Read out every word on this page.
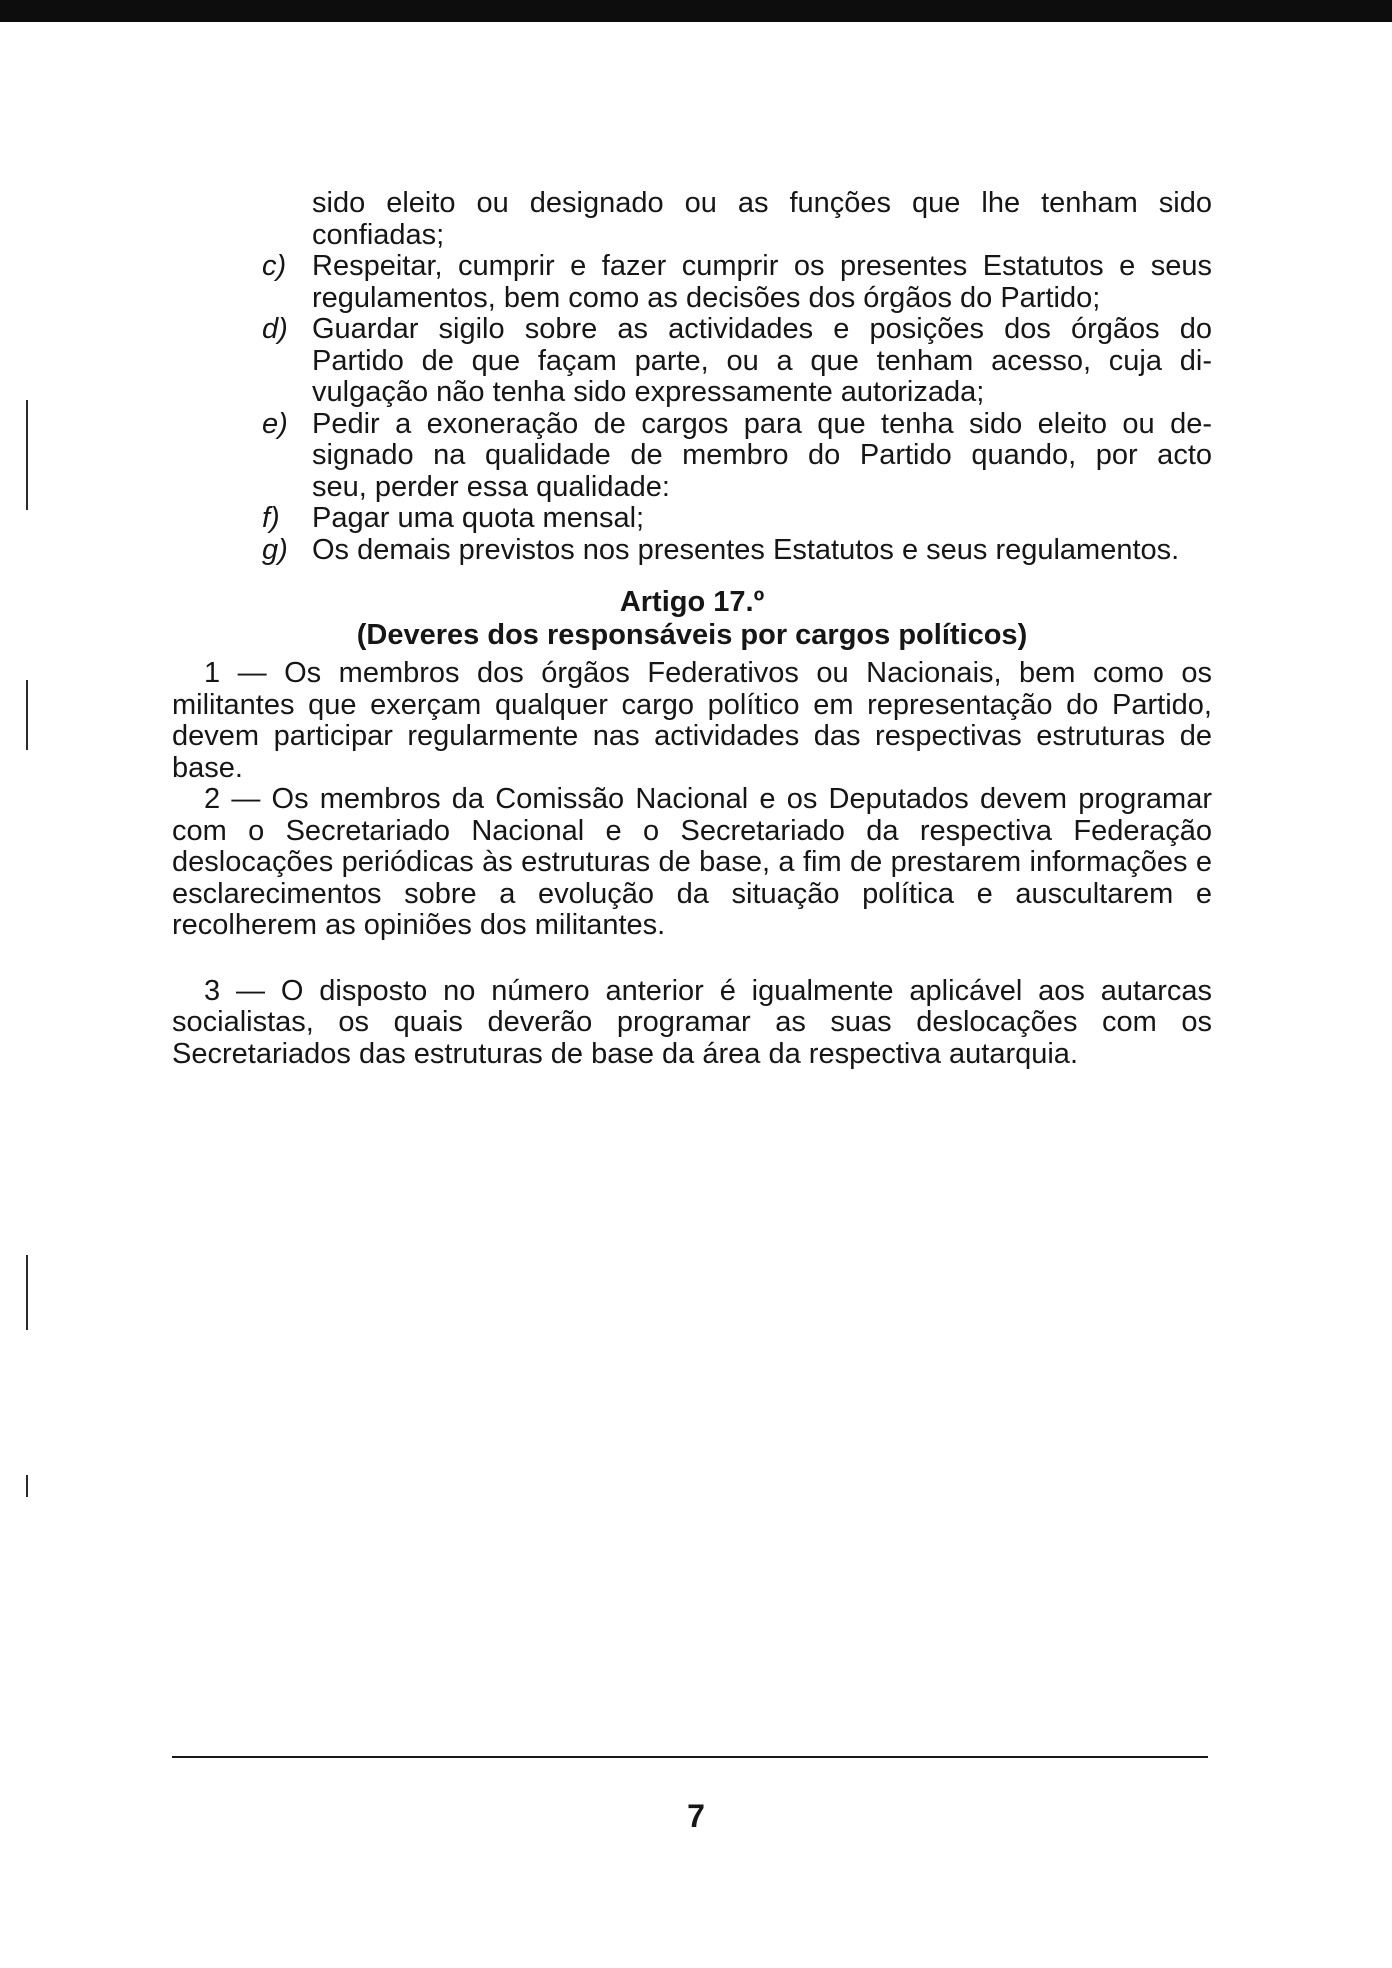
sido eleito ou designado ou as funções que lhe tenham sido
confiadas;
c) Respeitar, cumprir e fazer cumprir os presentes Estatutos e seus
regulamentos, bem como as decisões dos órgãos do Partido;
d) Guardar sigilo sobre as actividades e posições dos órgãos do
Partido de que façam parte, ou a que tenham acesso, cuja di-
vulgação não tenha sido expressamente autorizada;
e) Pedir a exoneração de cargos para que tenha sido eleito ou de-
signado na qualidade de membro do Partido quando, por acto
seu, perder essa qualidade:
f) Pagar uma quota mensal;
g) Os demais previstos nos presentes Estatutos e seus regulamentos.
Artigo 17.º
(Deveres dos responsáveis por cargos políticos)

1 — Os membros dos órgãos Federativos ou Nacionais, bem como os militantes que exerçam qualquer cargo político em representação do Partido, devem participar regularmente nas actividades das respectivas estruturas de base.

2 — Os membros da Comissão Nacional e os Deputados devem programar com o Secretariado Nacional e o Secretariado da respectiva Federação deslocações periódicas às estruturas de base, a fim de prestarem informações e esclarecimentos sobre a evolução da situação política e auscultarem e recolherem as opiniões dos militantes.

3 — O disposto no número anterior é igualmente aplicável aos autarcas socialistas, os quais deverão programar as suas deslocações com os Secretariados das estruturas de base da área da respectiva autarquia.

7
